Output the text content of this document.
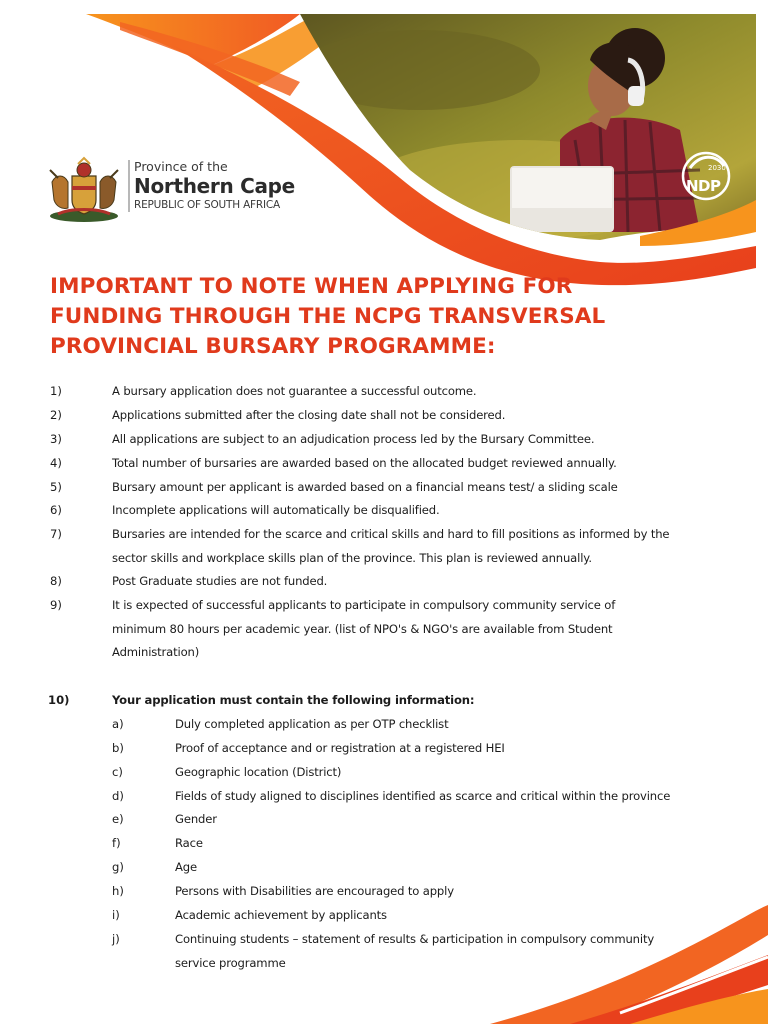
NDP
2030
Province of the
Northern Cape
REPUBLIC OF SOUTH AFRICA
IMPORTANT TO NOTE WHEN APPLYING FOR
FUNDING THROUGH THE NCPG TRANSVERSAL
PROVINCIAL BURSARY PROGRAMME:
1)	A bursary application does not guarantee a successful outcome.
2)	Applications submitted after the closing date shall not be considered.
3)	All applications are subject to an adjudication process led by the Bursary Committee.
4)	Total number of bursaries are awarded based on the allocated budget reviewed annually.
5)	Bursary amount per applicant is awarded based on a financial means test/ a sliding scale
6)	Incomplete applications will automatically be disqualified.
7)	Bursaries are intended for the scarce and critical skills and hard to fill positions as informed by the
sector skills and workplace skills plan of the province. This plan is reviewed annually.
8)	Post Graduate studies are not funded.
9)	It is expected of successful applicants to participate in compulsory community service of
minimum 80 hours per academic year. (list of NPO's & NGO's are available from Student
Administration)
10)	Your application must contain the following information:
a)	Duly completed application as per OTP checklist
b)	Proof of acceptance and or registration at a registered HEI
c)	Geographic location (District)
d)	Fields of study aligned to disciplines identified as scarce and critical within the province
e)	Gender
f)	Race
g)	Age
h)	Persons with Disabilities are encouraged to apply
i)	Academic achievement by applicants
j)	Continuing students – statement of results & participation in compulsory community
service programme
